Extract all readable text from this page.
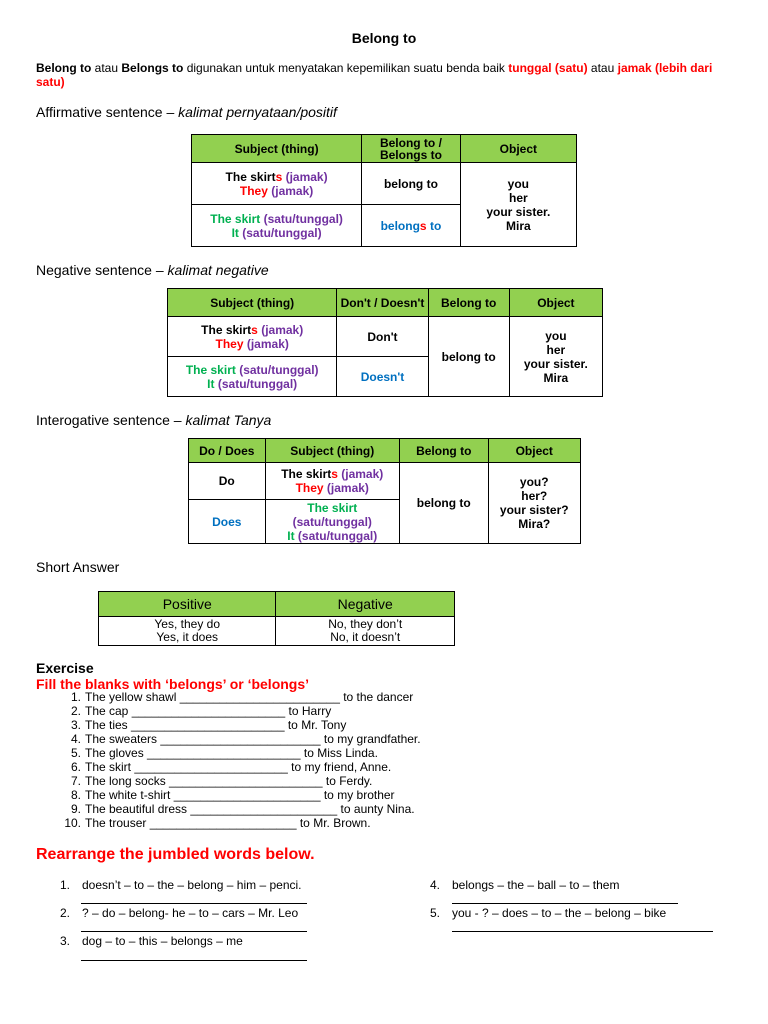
Belong to
Belong to atau Belongs to digunakan untuk menyatakan kepemilikan suatu benda baik tunggal (satu) atau jamak (lebih dari
satu)
Affirmative sentence – kalimat pernyataan/positif
Subject (thing)	Belong to / Belongs to	Object
The skirts (jamak)
They (jamak)	belong to	you
her
your sister.
Mira
The skirt (satu/tunggal)
It (satu/tunggal)	belongs to	
Negative sentence – kalimat negative
Subject (thing)	Don't / Doesn't	Belong to	Object
The skirts (jamak)
They (jamak)	Don't	belong to	you
her
your sister.
Mira
The skirt (satu/tunggal)
It (satu/tunggal)	Doesn't		
Interogative sentence – kalimat Tanya
Do / Does	Subject (thing)	Belong to	Object
Do	The skirts (jamak)
They (jamak)	belong to	you?
her?
your sister?
Mira?
Does	The skirt
(satu/tunggal)
It (satu/tunggal)		
Short Answer
Positive	Negative
Yes, they do
Yes, it does	No, they don’t
No, it doesn’t
Exercise
Fill the blanks with ‘belongs’ or ‘belongs’
1. The yellow shawl ________________________ to the dancer
2. The cap _______________________ to Harry
3. The ties _______________________ to Mr. Tony
4. The sweaters ________________________ to my grandfather.
5. The gloves _______________________ to Miss Linda.
6. The skirt _______________________ to my friend, Anne.
7. The long socks _______________________ to Ferdy.
8. The white t-shirt ______________________ to my brother
9. The beautiful dress ______________________ to aunty Nina.
10. The trouser ______________________ to Mr. Brown.
Rearrange the jumbled words below.
1. doesn’t – to – the – belong – him – penci.
2. ? – do – belong- he – to – cars – Mr. Leo
3. dog – to – this – belongs – me
4. belongs – the – ball – to – them
5. you - ? – does – to – the – belong – bike
